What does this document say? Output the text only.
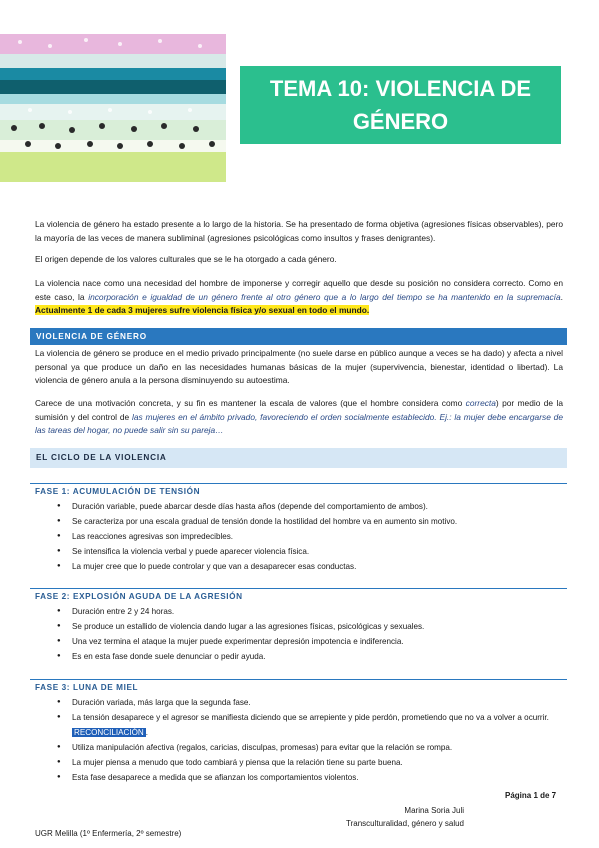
TEMA 10: VIOLENCIA DE
GÉNERO
La violencia de género ha estado presente a lo largo de la historia. Se ha presentado de forma objetiva (agresiones físicas observables), pero la mayoría de las veces de manera subliminal (agresiones psicológicas como insultos y frases denigrantes).
El origen depende de los valores culturales que se le ha otorgado a cada género.
La violencia nace como una necesidad del hombre de imponerse y corregir aquello que desde su posición no considera correcto. Como en este caso, la incorporación e igualdad de un género frente al otro género que a lo largo del tiempo se ha mantenido en la supremacía. Actualmente 1 de cada 3 mujeres sufre violencia física y/o sexual en todo el mundo.
VIOLENCIA DE GÉNERO
La violencia de género se produce en el medio privado principalmente (no suele darse en público aunque a veces se ha dado) y afecta a nivel personal ya que produce un daño en las necesidades humanas básicas de la mujer (supervivencia, bienestar, identidad o libertad). La violencia de género anula a la persona disminuyendo su autoestima.
Carece de una motivación concreta, y su fin es mantener la escala de valores (que el hombre considera como correcta) por medio de la sumisión y del control de las mujeres en el ámbito privado, favoreciendo el orden socialmente establecido. Ej.: la mujer debe encargarse de las tareas del hogar, no puede salir sin su pareja…
EL CICLO DE LA VIOLENCIA
FASE 1: ACUMULACIÓN DE TENSIÓN
● Duración variable, puede abarcar desde días hasta años (depende del comportamiento de ambos).
● Se caracteriza por una escala gradual de tensión donde la hostilidad del hombre va en aumento sin motivo.
● Las reacciones agresivas son impredecibles.
● Se intensifica la violencia verbal y puede aparecer violencia física.
● La mujer cree que lo puede controlar y que van a desaparecer esas conductas.
FASE 2: EXPLOSIÓN AGUDA DE LA AGRESIÓN
● Duración entre 2 y 24 horas.
● Se produce un estallido de violencia dando lugar a las agresiones físicas, psicológicas y sexuales.
● Una vez termina el ataque la mujer puede experimentar depresión impotencia e indiferencia.
● Es en esta fase donde suele denunciar o pedir ayuda.
FASE 3: LUNA DE MIEL
● Duración variada, más larga que la segunda fase.
● La tensión desaparece y el agresor se manifiesta diciendo que se arrepiente y pide perdón, prometiendo que no va a volver a ocurrir. RECONCILIACIÓN .
● Utiliza manipulación afectiva (regalos, caricias, disculpas, promesas) para evitar que la relación se rompa.
● La mujer piensa a menudo que todo cambiará y piensa que la relación tiene su parte buena.
● Esta fase desaparece a medida que se afianzan los comportamientos violentos.
Página 1 de 7
Marina Soria Juli
Transculturalidad, género y salud
UGR Melilla (1º Enfermería, 2º semestre)
